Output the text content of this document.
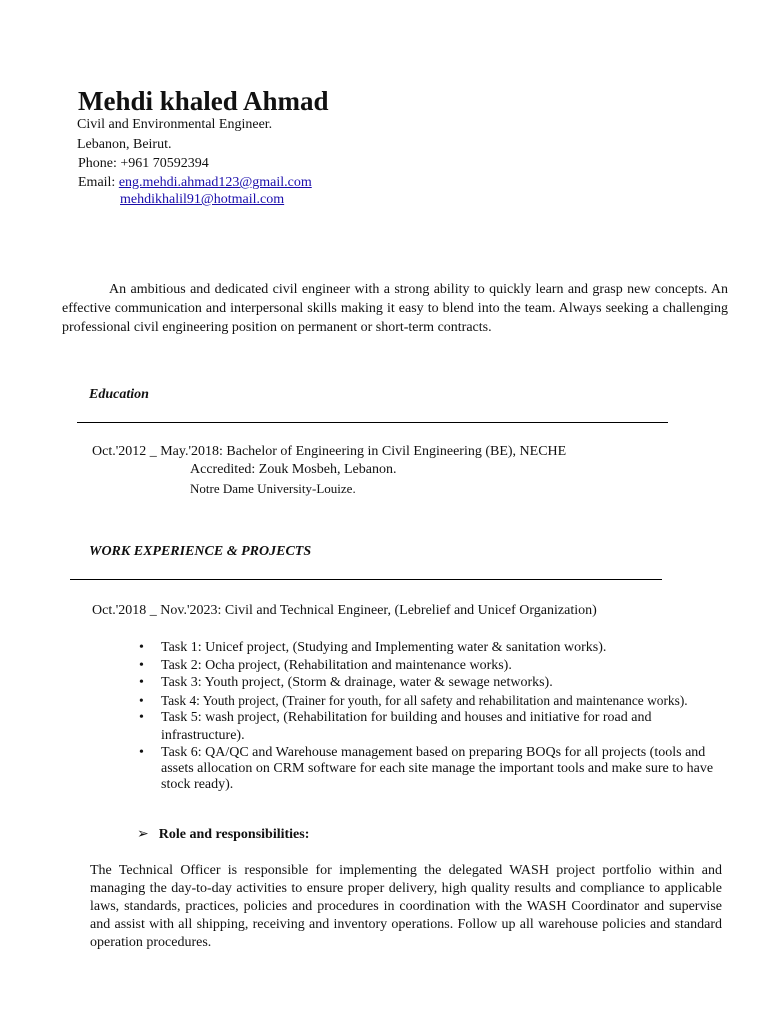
Mehdi khaled Ahmad
Civil and Environmental Engineer.
Lebanon, Beirut.
Phone: +961 70592394
Email: eng.mehdi.ahmad123@gmail.com
mehdikhalil91@hotmail.com
An ambitious and dedicated civil engineer with a strong ability to quickly learn and grasp new concepts. An effective communication and interpersonal skills making it easy to blend into the team. Always seeking a challenging professional civil engineering position on permanent or short-term contracts.
Education
Oct.'2012 _ May.'2018: Bachelor of Engineering in Civil Engineering (BE), NECHE
Accredited: Zouk Mosbeh, Lebanon.
Notre Dame University-Louize.
WORK EXPERIENCE & PROJECTS
Oct.'2018 _ Nov.'2023: Civil and Technical Engineer, (Lebrelief and Unicef Organization)
• Task 1: Unicef project, (Studying and Implementing water & sanitation works).
• Task 2: Ocha project, (Rehabilitation and maintenance works).
• Task 3: Youth project, (Storm & drainage, water & sewage networks).
• Task 4: Youth project, (Trainer for youth, for all safety and rehabilitation and maintenance works).
• Task 5: wash project, (Rehabilitation for building and houses and initiative for road and infrastructure).
• Task 6: QA/QC and Warehouse management based on preparing BOQs for all projects (tools and assets allocation on CRM software for each site manage the important tools and make sure to have stock ready).
➢ Role and responsibilities:
The Technical Officer is responsible for implementing the delegated WASH project portfolio within and managing the day-to-day activities to ensure proper delivery, high quality results and compliance to applicable laws, standards, practices, policies and procedures in coordination with the WASH Coordinator and supervise and assist with all shipping, receiving and inventory operations. Follow up all warehouse policies and standard operation procedures.
